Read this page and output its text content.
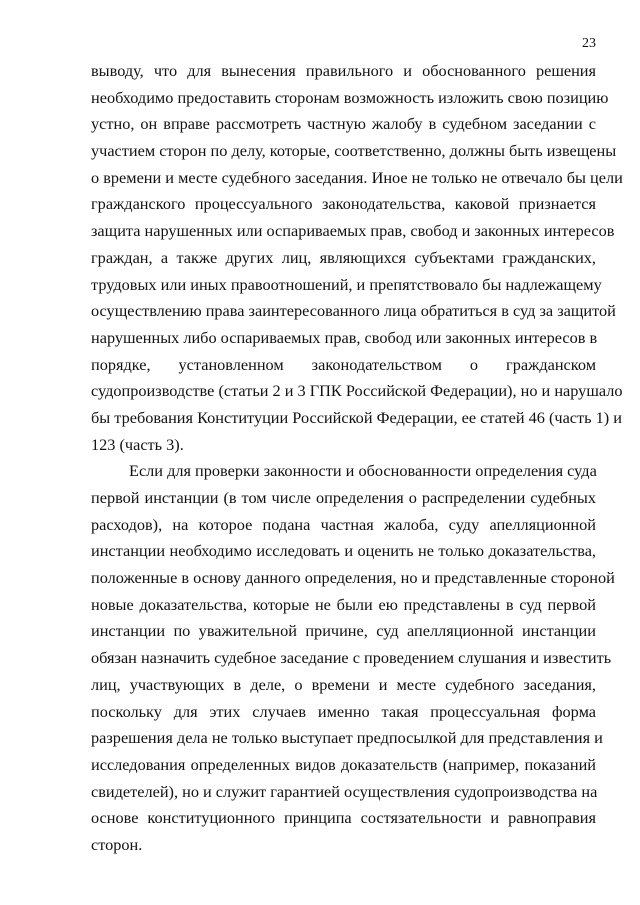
23
выводу, что для вынесения правильного и обоснованного решения
необходимо предоставить сторонам возможность изложить свою позицию
устно, он вправе рассмотреть частную жалобу в судебном заседании с
участием сторон по делу, которые, соответственно, должны быть извещены
о времени и месте судебного заседания. Иное не только не отвечало бы цели
гражданского процессуального законодательства, каковой признается
защита нарушенных или оспариваемых прав, свобод и законных интересов
граждан, а также других лиц, являющихся субъектами гражданских,
трудовых или иных правоотношений, и препятствовало бы надлежащему
осуществлению права заинтересованного лица обратиться в суд за защитой
нарушенных либо оспариваемых прав, свобод или законных интересов в
порядке, установленном законодательством о гражданском
судопроизводстве (статьи 2 и 3 ГПК Российской Федерации), но и нарушало
бы требования Конституции Российской Федерации, ее статей 46 (часть 1) и
123 (часть 3).
Если для проверки законности и обоснованности определения суда
первой инстанции (в том числе определения о распределении судебных
расходов), на которое подана частная жалоба, суду апелляционной
инстанции необходимо исследовать и оценить не только доказательства,
положенные в основу данного определения, но и представленные стороной
новые доказательства, которые не были ею представлены в суд первой
инстанции по уважительной причине, суд апелляционной инстанции
обязан назначить судебное заседание с проведением слушания и известить
лиц, участвующих в деле, о времени и месте судебного заседания,
поскольку для этих случаев именно такая процессуальная форма
разрешения дела не только выступает предпосылкой для представления и
исследования определенных видов доказательств (например, показаний
свидетелей), но и служит гарантией осуществления судопроизводства на
основе конституционного принципа состязательности и равноправия
сторон.
